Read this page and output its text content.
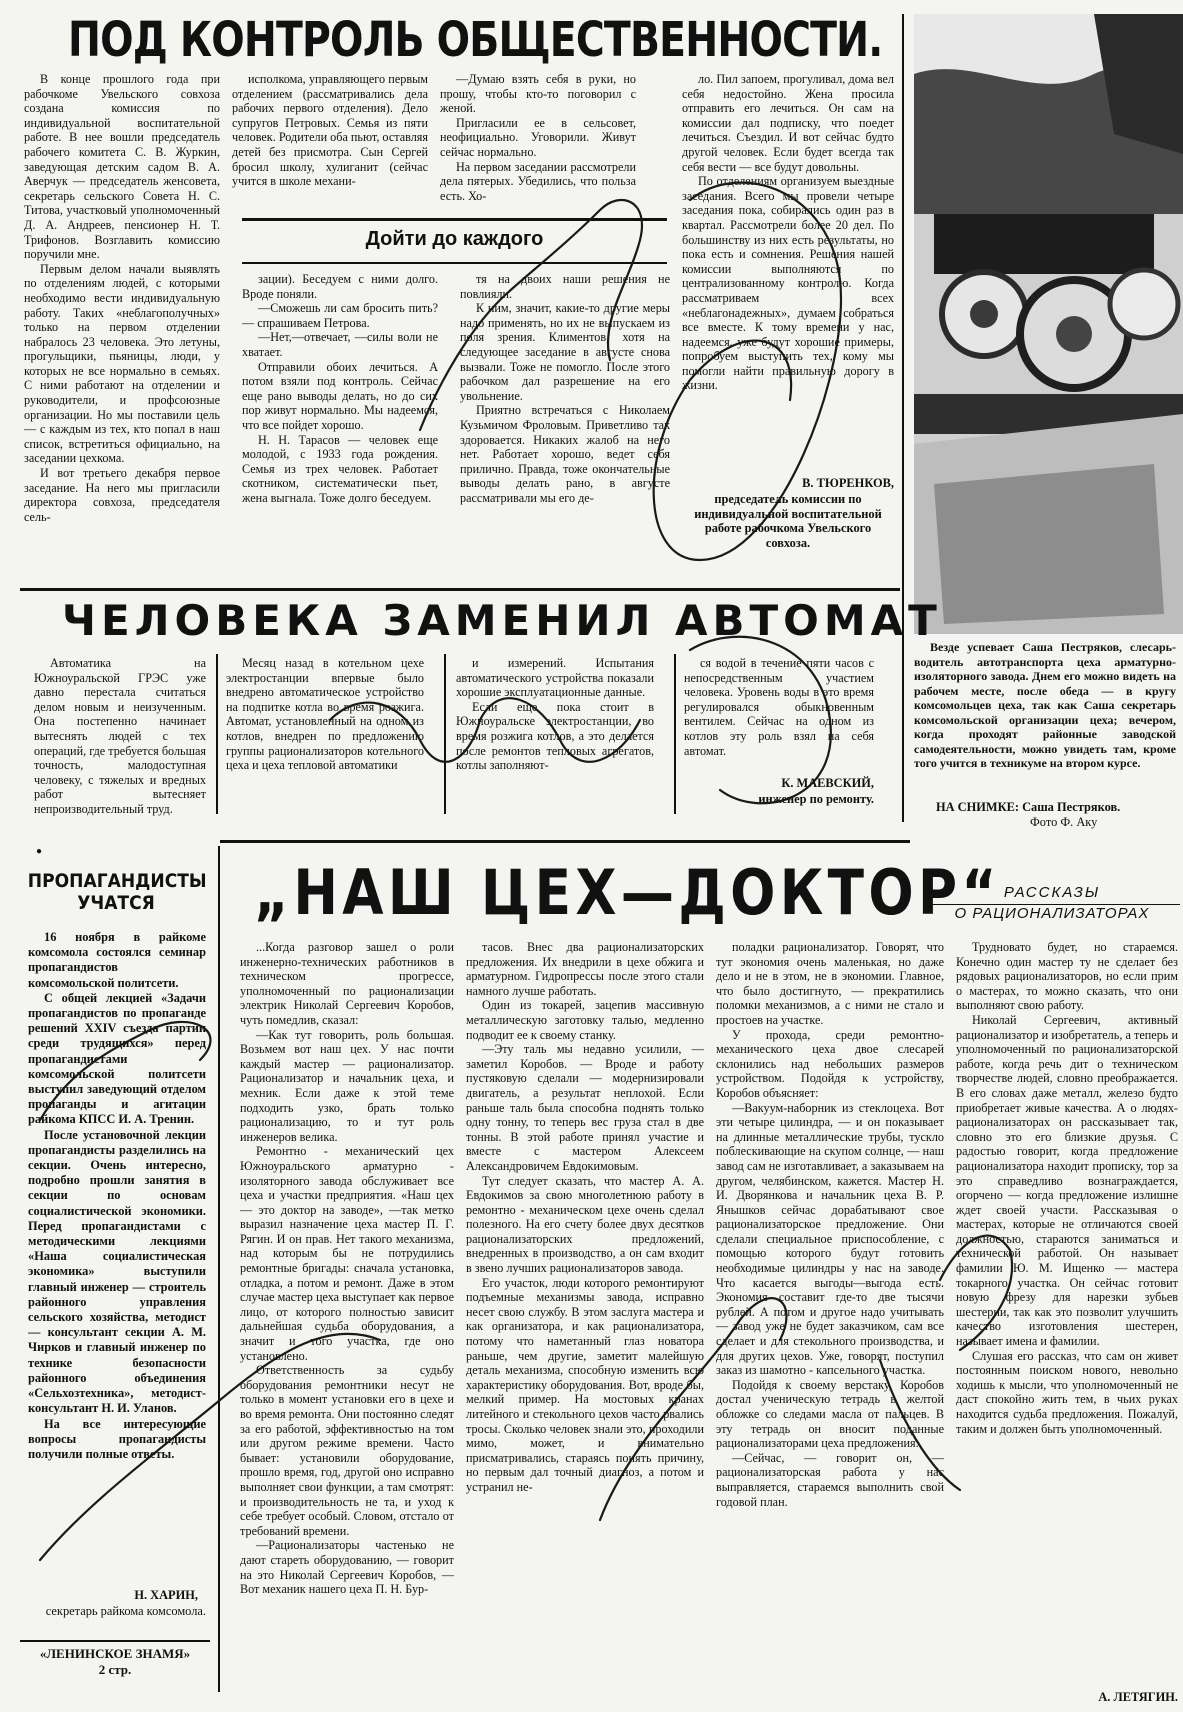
ПОД КОНТРОЛЬ ОБЩЕСТВЕННОСТИ.

В конце прошлого года при рабочкоме Увельского совхоза создана комиссия по индивидуальной воспитательной работе. В нее вошли председатель рабочего комитета С. В. Журкин, заведующая детским садом В. А. Аверчук — председатель женсовета, секретарь сельского Совета Н. С. Титова, участковый уполномоченный Д. А. Андреев, пенсионер Н. Т. Трифонов. Возглавить комиссию поручили мне.

Первым делом начали выявлять по отделениям людей, с которыми необходимо вести индивидуальную работу. Таких «неблагополучных» только на первом отделении набралось 23 человека. Это летуны, прогульщики, пьяницы, люди, у которых не все нормально в семьях. С ними работают на отделении и руководители, и профсоюзные организации. Но мы поставили цель — с каждым из тех, кто попал в наш список, встретиться официально, на заседании цехкома.

И вот третьего декабря первое заседание. На него мы пригласили директора совхоза, председателя сель-

исполкома, управляющего первым отделением (рассматривались дела рабочих первого отделения). Дело супругов Петровых. Семья из пяти человек. Родители оба пьют, оставляя детей без присмотра. Сын Сергей бросил школу, хулиганит (сейчас учится в школе механи-

—Думаю взять себя в руки, но прошу, чтобы кто-то поговорил с женой.

Пригласили ее в сельсовет, неофициально. Уговорили. Живут сейчас нормально.

На первом заседании рассмотрели дела пятерых. Убедились, что польза есть. Хо-

ло. Пил запоем, прогуливал, дома вел себя недостойно. Жена просила отправить его лечиться. Он сам на комиссии дал подписку, что поедет лечиться. Съездил. И вот сейчас будто другой человек. Если будет всегда так себя вести — все будут довольны.

По отделениям организуем выездные заседания. Всего мы провели четыре заседания пока, собирались один раз в квартал. Рассмотрели более 20 дел. По большинству из них есть результаты, но пока есть и сомнения. Решения нашей комиссии выполняются по централизованному контролю. Когда рассматриваем всех «неблагонадежных», думаем собраться все вместе. К тому времени у нас, надеемся, уже будут хорошие примеры, попробуем выступить тех, кому мы помогли найти правильную дорогу в жизни.

Дойти до каждого

зации). Беседуем с ними долго. Вроде поняли.

—Сможешь ли сам бросить пить? — спрашиваем Петрова.

—Нет,—отвечает, —силы воли не хватает.

Отправили обоих лечиться. А потом взяли под контроль. Сейчас еще рано выводы делать, но до сих пор живут нормально. Мы надеемся, что все пойдет хорошо.

Н. Н. Тарасов — человек еще молодой, с 1933 года рождения. Семья из трех человек. Работает скотником, систематически пьет, жена выгнала. Тоже долго беседуем.

тя на двоих наши решения не повлияли.

К ним, значит, какие-то другие меры надо применять, но их не выпускаем из поля зрения. Климентов, хотя на следующее заседание в августе снова вызвали. Тоже не помогло. После этого рабочком дал разрешение на его увольнение.

Приятно встречаться с Николаем Кузьмичом Фроловым. Приветливо так здоровается. Никаких жалоб на него нет. Работает хорошо, ведет себя прилично. Правда, тоже окончательные выводы делать рано, в августе рассматривали мы его де-

В. ТЮРЕНКОВ,
председатель комиссии по индивидуальной воспитательной работе рабочкома Увельского совхоза.

Везде успевает Саша Пестряков, слесарь-водитель автотранспорта цеха арматурно-изоляторного завода. Днем его можно видеть на рабочем месте, после обеда — в кругу комсомольцев цеха, так как Саша секретарь комсомольской организации цеха; вечером, когда проходят районные заводской самодеятельности, можно увидеть там, кроме того учится в техникуме на втором курсе.

НА СНИМКЕ: Саша Пестряков.
Фото Ф. Аку
ЧЕЛОВЕКА ЗАМЕНИЛ АВТОМАТ

Автоматика на Южноуральской ГРЭС уже давно перестала считаться делом новым и неизученным. Она постепенно начинает вытеснять людей с тех операций, где требуется большая точность, малодоступная человеку, с тяжелых и вредных работ вытесняет непроизводительный труд.

Месяц назад в котельном цехе электростанции впервые было внедрено автоматическое устройство на подпитке котла во время розжига. Автомат, установленный на одном из котлов, внедрен по предложению группы рационализаторов котельного цеха и цеха тепловой автоматики

и измерений. Испытания автоматического устройства показали хорошие эксплуатационные данные.

Если еще пока стоит в Южноуральске электростанции, во время розжига котлов, а это делается после ремонтов тепловых агрегатов, котлы заполняют-

ся водой в течение пяти часов с непосредственным участием человека. Уровень воды в это время регулировался обыкновенным вентилем. Сейчас на одном из котлов эту роль взял на себя автомат.

К. МАЕВСКИЙ,
инженер по ремонту.
●
ПРОПАГАНДИСТЫ УЧАТСЯ

16 ноября в райкоме комсомола состоялся семинар пропагандистов комсомольской политсети.

С общей лекцией «Задачи пропагандистов по пропаганде решений XXIV съезда партии среди трудящихся» перед пропагандистами комсомольской политсети выступил заведующий отделом пропаганды и агитации райкома КПСС И. А. Тренин.

После установочной лекции пропагандисты разделились на секции. Очень интересно, подробно прошли занятия в секции по основам социалистической экономики. Перед пропагандистами с методическими лекциями «Наша социалистическая экономика» выступили главный инженер — строитель районного управления сельского хозяйства, методист — консультант секции А. М. Чирков и главный инженер по технике безопасности районного объединения «Сельхозтехника», методист-консультант Н. И. Уланов.

На все интересующие вопросы пропагандисты получили полные ответы.

Н. ХАРИН,
секретарь райкома комсомола.
«ЛЕНИНСКОЕ ЗНАМЯ»
2 стр.
РАССКАЗЫ
О РАЦИОНАЛИЗАТОРАХ
„НАШ ЦЕХ—ДОКТОР“

...Когда разговор зашел о роли инженерно-технических работников в техническом прогрессе, уполномоченный по рационализации электрик Николай Сергеевич Коробов, чуть помедлив, сказал:

—Как тут говорить, роль большая. Возьмем вот наш цех. У нас почти каждый мастер — рационализатор. Рационализатор и начальник цеха, и мехник. Если даже к этой теме подходить узко, брать только рационализацию, то и тут роль инженеров велика.

Ремонтно - механический цех Южноуральского арматурно - изоляторного завода обслуживает все цеха и участки предприятия. «Наш цех — это доктор на заводе», —так метко выразил назначение цеха мастер П. Г. Рягин. И он прав. Нет такого механизма, над которым бы не потрудились ремонтные бригады: сначала установка, отладка, а потом и ремонт. Даже в этом случае мастер цеха выступает как первое лицо, от которого полностью зависит дальнейшая судьба оборудования, а значит и того участка, где оно установлено.

Ответственность за судьбу оборудования ремонтники несут не только в момент установки его в цехе и во время ремонта. Они постоянно следят за его работой, эффективностью на том или другом режиме времени. Часто бывает: установили оборудование, прошло время, год, другой оно исправно выполняет свои функции, а там смотрят: и производительность не та, и уход к себе требует особый. Словом, отстало от требований времени.

—Рационализаторы частенько не дают стареть оборудованию, — говорит на это Николай Сергеевич Коробов, — Вот механик нашего цеха П. Н. Бур-

тасов. Внес два рационализаторских предложения. Их внедрили в цехе обжига и арматурном. Гидропрессы после этого стали намного лучше работать.

Один из токарей, зацепив массивную металлическую заготовку талью, медленно подводит ее к своему станку.

—Эту таль мы недавно усилили, — заметил Коробов. — Вроде и работу пустяковую сделали — модернизировали двигатель, а результат неплохой. Если раньше таль была способна поднять только одну тонну, то теперь вес груза стал в две тонны. В этой работе принял участие и вместе с мастером Алексеем Александровичем Евдокимовым.

Тут следует сказать, что мастер А. А. Евдокимов за свою многолетнюю работу в ремонтно - механическом цехе очень сделал полезного. На его счету более двух десятков рационализаторских предложений, внедренных в производство, а он сам входит в звено лучших рационализаторов завода.

Его участок, люди которого ремонтируют подъемные механизмы завода, исправно несет свою службу. В этом заслуга мастера и как организатора, и как рационализатора, потому что наметанный глаз новатора раньше, чем другие, заметит малейшую деталь механизма, способную изменить всю характеристику оборудования. Вот, вроде бы, мелкий пример. На мостовых кранах литейного и стекольного цехов часто рвались тросы. Сколько человек знали это, проходили мимо, может, и внимательно присматривались, стараясь понять причину, но первым дал точный диагноз, а потом и устранил не-

поладки рационализатор. Говорят, что тут экономия очень маленькая, но даже дело и не в этом, не в экономии. Главное, что было достигнуто, — прекратились поломки механизмов, а с ними не стало и простоев на участке.

У прохода, среди ремонтно-механического цеха двое слесарей склонились над небольших размеров устройством. Подойдя к устройству, Коробов объясняет:

—Вакуум-наборник из стеклоцеха. Вот эти четыре цилиндра, — и он показывает на длинные металлические трубы, тускло поблескивающие на скупом солнце, — наш завод сам не изготавливает, а заказываем на другом, челябинском, кажется. Мастер Н. И. Дворянкова и начальник цеха В. Р. Янышков сейчас дорабатывают свое рационализаторское предложение. Они сделали специальное приспособление, с помощью которого будут готовить необходимые цилиндры у нас на заводе. Что касается выгоды—выгода есть. Экономия составит где-то две тысячи рублей. А потом и другое надо учитывать — завод уже не будет заказчиком, сам все сделает и для стекольного производства, и для других цехов. Уже, говорят, поступил заказ из шамотно - капсельного участка.

Подойдя к своему верстаку, Коробов достал ученическую тетрадь в желтой обложке со следами масла от пальцев. В эту тетрадь он вносит поданные рационализаторами цеха предложения.

—Сейчас, — говорит он, — рационализаторская работа у нас выправляется, стараемся выполнить свой годовой план.

Трудновато будет, но стараемся. Конечно один мастер ту не сделает без рядовых рационализаторов, но если прим о мастерах, то можно сказать, что они выполняют свою работу.

Николай Сергеевич, активный рационализатор и изобретатель, а теперь и уполномоченный по рационализаторской работе, когда речь дит о техническом творчестве людей, словно преображается. В его словах даже металл, железо будто приобретает живые качества. А о людях-рационализаторах он рассказывает так, словно это его близкие друзья. С радостью говорит, когда предложение рационализатора находит прописку, тор за это справедливо вознаграждается, огорчено — когда предложение излишне ждет своей участи. Рассказывая о мастерах, которые не отличаются своей должностью, стараются заниматься и технической работой. Он называет фамилии Ю. М. Ищенко — мастера токарного участка. Он сейчас готовит новую фрезу для нарезки зубьев шестерни, так как это позволит улучшить качество изготовления шестерен, называет имена и фамилии.

Слушая его рассказ, что сам он живет постоянным поиском нового, невольно ходишь к мысли, что уполномоченный не даст спокойно жить тем, в чьих руках находится судьба предложения. Пожалуй, таким и должен быть уполномоченный.

А. ЛЕТЯГИН.
